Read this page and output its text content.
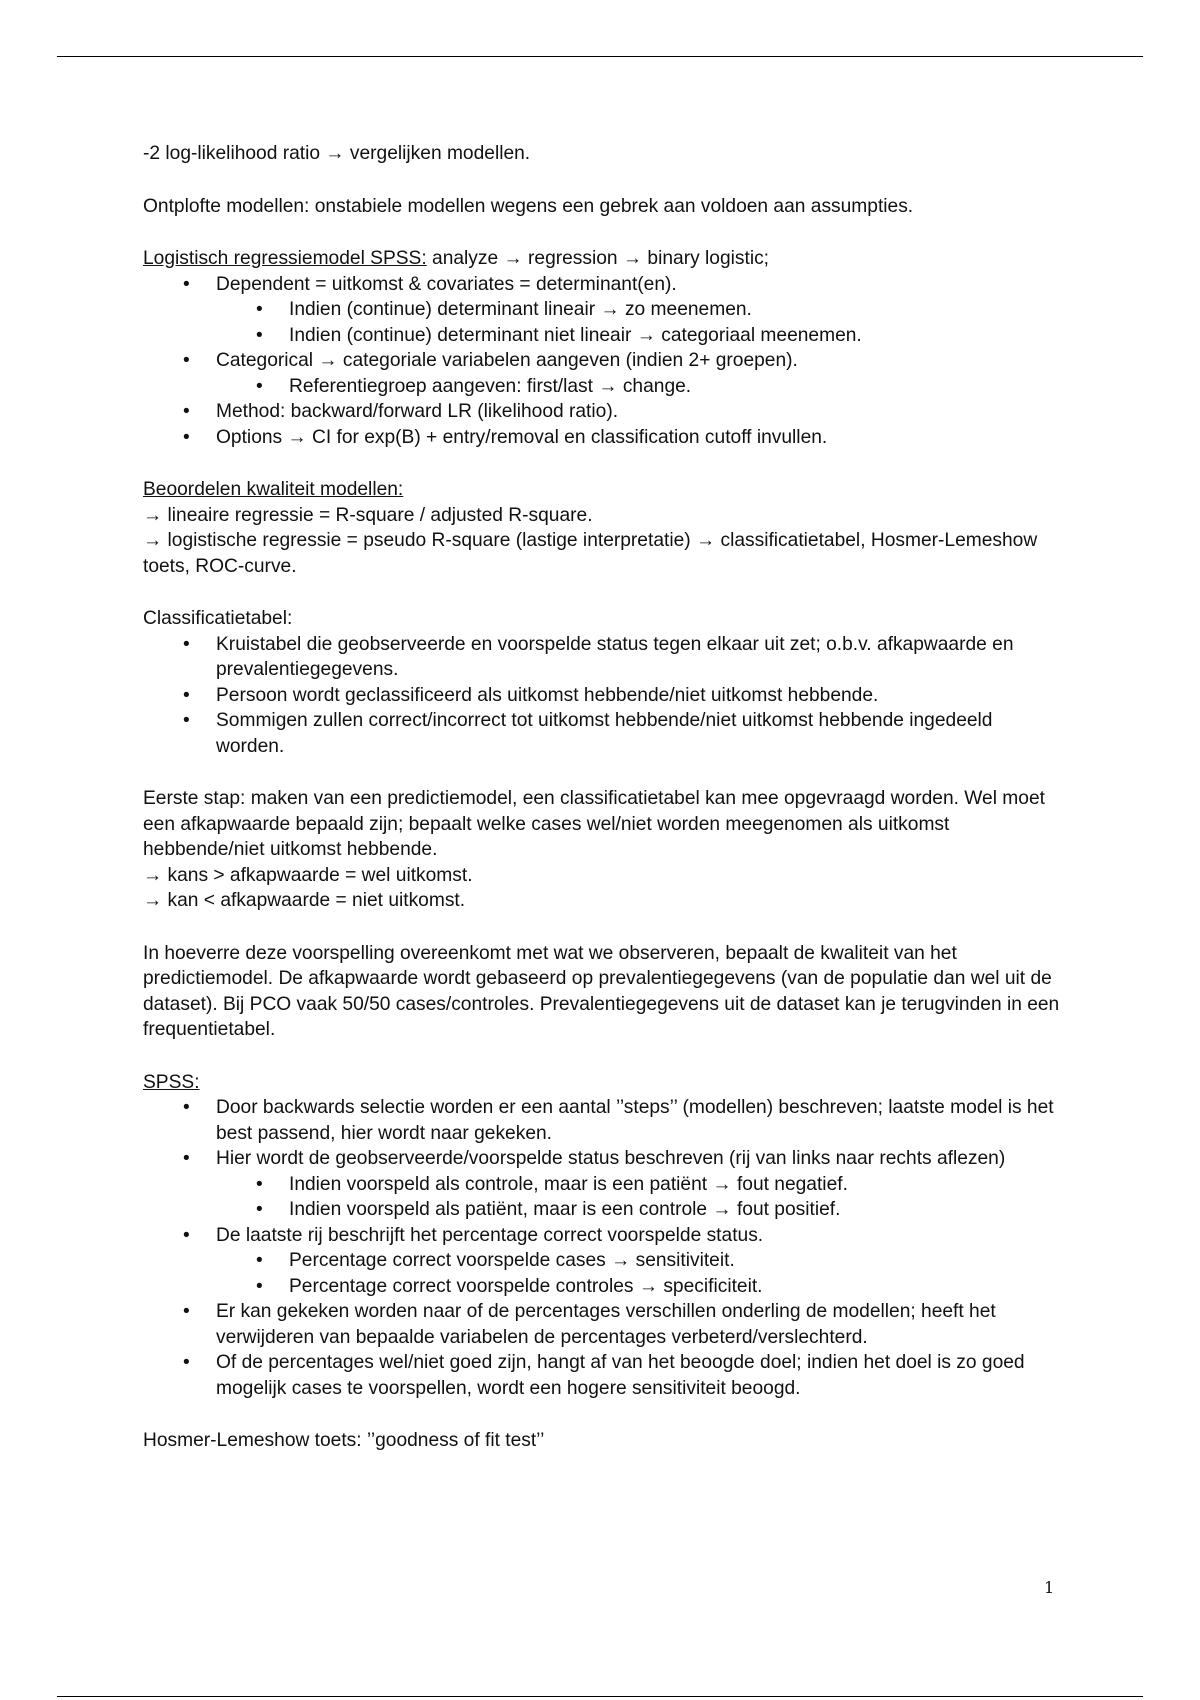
-2 log-likelihood ratio → vergelijken modellen.

Ontplofte modellen: onstabiele modellen wegens een gebrek aan voldoen aan assumpties.

Logistisch regressiemodel SPSS: analyze → regression → binary logistic;

• Dependent = uitkomst & covariates = determinant(en).
• Indien (continue) determinant lineair → zo meenemen.
• Indien (continue) determinant niet lineair → categoriaal meenemen.
• Categorical → categoriale variabelen aangeven (indien 2+ groepen).
• Referentiegroep aangeven: first/last → change.
• Method: backward/forward LR (likelihood ratio).
• Options → CI for exp(B) + entry/removal en classification cutoff invullen.

Beoordelen kwaliteit modellen:

→ lineaire regressie = R-square / adjusted R-square.

→ logistische regressie = pseudo R-square (lastige interpretatie) → classificatietabel, Hosmer-Lemeshow toets, ROC-curve.

Classificatietabel:

• Kruistabel die geobserveerde en voorspelde status tegen elkaar uit zet; o.b.v. afkapwaarde en prevalentiegegevens.
• Persoon wordt geclassificeerd als uitkomst hebbende/niet uitkomst hebbende.
• Sommigen zullen correct/incorrect tot uitkomst hebbende/niet uitkomst hebbende ingedeeld worden.

Eerste stap: maken van een predictiemodel, een classificatietabel kan mee opgevraagd worden. Wel moet een afkapwaarde bepaald zijn; bepaalt welke cases wel/niet worden meegenomen als uitkomst hebbende/niet uitkomst hebbende.

→ kans > afkapwaarde = wel uitkomst.

→ kan < afkapwaarde = niet uitkomst.

In hoeverre deze voorspelling overeenkomt met wat we observeren, bepaalt de kwaliteit van het predictiemodel. De afkapwaarde wordt gebaseerd op prevalentiegegevens (van de populatie dan wel uit de dataset). Bij PCO vaak 50/50 cases/controles. Prevalentiegegevens uit de dataset kan je terugvinden in een frequentietabel.

SPSS:

• Door backwards selectie worden er een aantal ’’steps’’ (modellen) beschreven; laatste model is het best passend, hier wordt naar gekeken.
• Hier wordt de geobserveerde/voorspelde status beschreven (rij van links naar rechts aflezen)
• Indien voorspeld als controle, maar is een patiënt → fout negatief.
• Indien voorspeld als patiënt, maar is een controle → fout positief.
• De laatste rij beschrijft het percentage correct voorspelde status.
• Percentage correct voorspelde cases → sensitiviteit.
• Percentage correct voorspelde controles → specificiteit.
• Er kan gekeken worden naar of de percentages verschillen onderling de modellen; heeft het verwijderen van bepaalde variabelen de percentages verbeterd/verslechterd.
• Of de percentages wel/niet goed zijn, hangt af van het beoogde doel; indien het doel is zo goed mogelijk cases te voorspellen, wordt een hogere sensitiviteit beoogd.

Hosmer-Lemeshow toets: ’’goodness of fit test’’

1
